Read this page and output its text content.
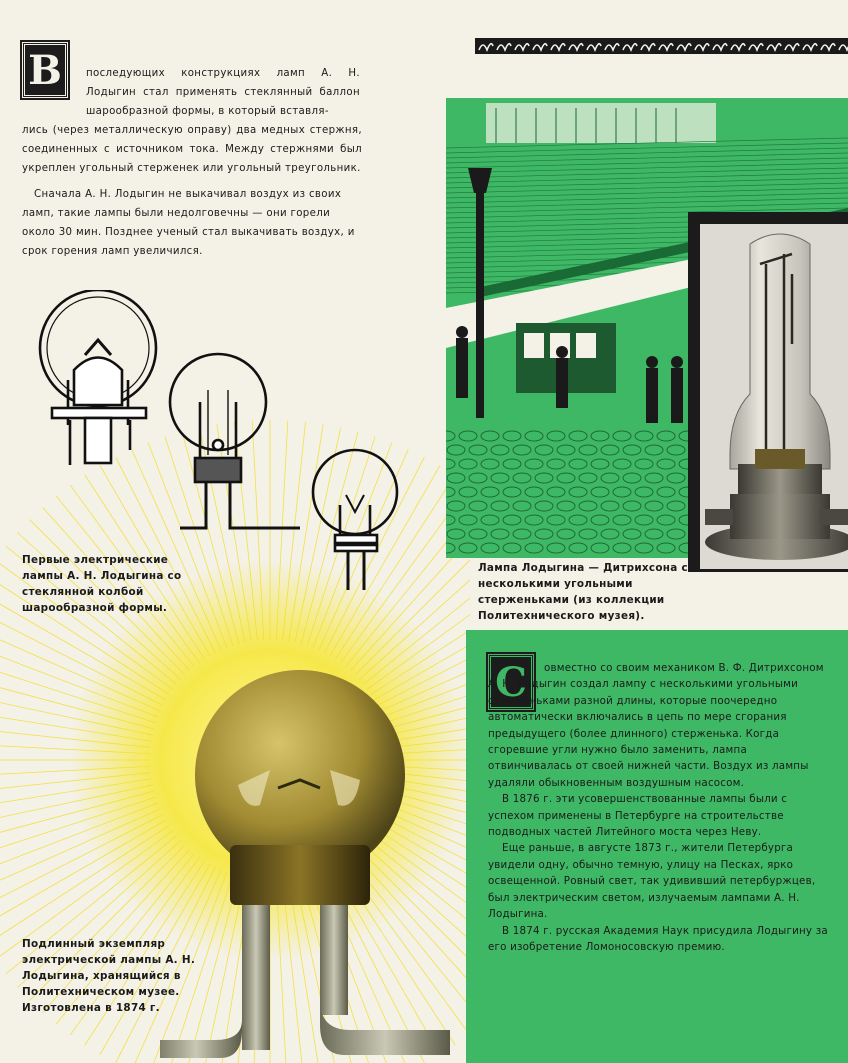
В последующих конструкциях ламп А. Н. Лодыгин стал применять стеклянный баллон шарообразной формы, в который вставля-

лись (через металлическую оправу) два медных стержня, соединенных с источником тока. Между стержнями был укреплен угольный стерженек или угольный треугольник.

Сначала А. Н. Лодыгин не выкачивал воздух из своих ламп, такие лампы были недолговечны — они горели около 30 мин. Позднее ученый стал выкачивать воздух, и срок горения ламп увеличился.

Первые электрические лампы А. Н. Лодыгина со стеклянной колбой шарообразной формы.

Подлинный экземпляр электрической лампы А. Н. Лодыгина, хранящийся в Политехническом музее. Изготовлена в 1874 г.

Лампа Лодыгина — Дитрихсона с несколькими угольными стерженьками (из коллекции Политехнического музея).

С	овместно со своим механиком В. Ф. Дитрихсоном А. Н. Лодыгин создал лампу с несколькими угольными стерженьками разной длины, которые поочередно автоматически включались в цепь по мере сгорания предыдущего (более длинного) стерженька. Когда сгоревшие угли нужно было заменить, лампа отвинчивалась от своей нижней части. Воздух из лампы удаляли обыкновенным воздушным насосом.

В 1876 г. эти усовершенствованные лампы были с успехом применены в Петербурге на строительстве подводных частей Литейного моста через Неву.

Еще раньше, в августе 1873 г., жители Петербурга увидели одну, обычно темную, улицу на Песках, ярко освещенной. Ровный свет, так удививший петербуржцев, был электрическим светом, излучаемым лампами А. Н. Лодыгина.

В 1874 г. русская Академия Наук присудила Лодыгину за его изобретение Ломоносовскую премию.
